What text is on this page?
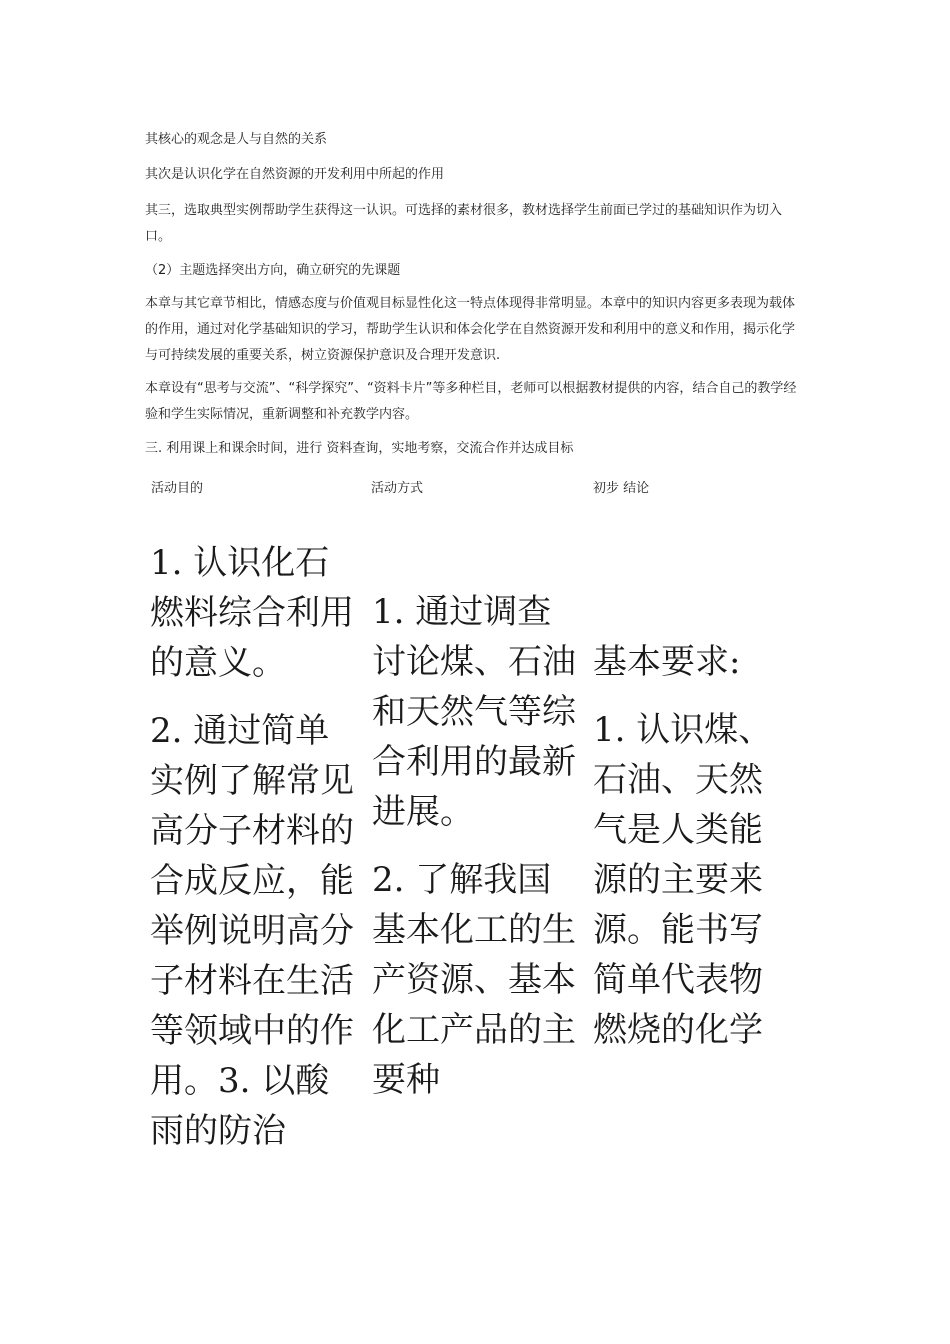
其核心的观念是人与自然的关系

其次是认识化学在自然资源的开发利用中所起的作用

其三，选取典型实例帮助学生获得这一认识。可选择的素材很多，教材选择学生前面已学过的基础知识作为切入口。

（2）主题选择突出方向，确立研究的先课题

本章与其它章节相比，情感态度与价值观目标显性化这一特点体现得非常明显。本章中的知识内容更多表现为载体的作用，通过对化学基础知识的学习，帮助学生认识和体会化学在自然资源开发和利用中的意义和作用，揭示化学与可持续发展的重要关系，树立资源保护意识及合理开发意识.

本章设有“思考与交流”、“科学探究”、“资料卡片”等多种栏目，老师可以根据教材提供的内容，结合自己的教学经验和学生实际情况，重新调整和补充教学内容。

三. 利用课上和课余时间，进行 资料查询，实地考察，交流合作并达成目标

活动目的	活动方式	初步 结论
1. 认识化石燃料综合利用的意义。
2. 通过简单实例了解常见高分子材料的合成反应，能举例说明高分子材料在生活等领域中的作用。3. 以酸雨的防治
1. 通过调查讨论煤、石油和天然气等综合利用的最新进展。
2. 了解我国基本化工的生产资源、基本化工产品的主要种
基本要求:
1. 认识煤、石油、天然气是人类能源的主要来源。能书写简单代表物燃烧的化学
